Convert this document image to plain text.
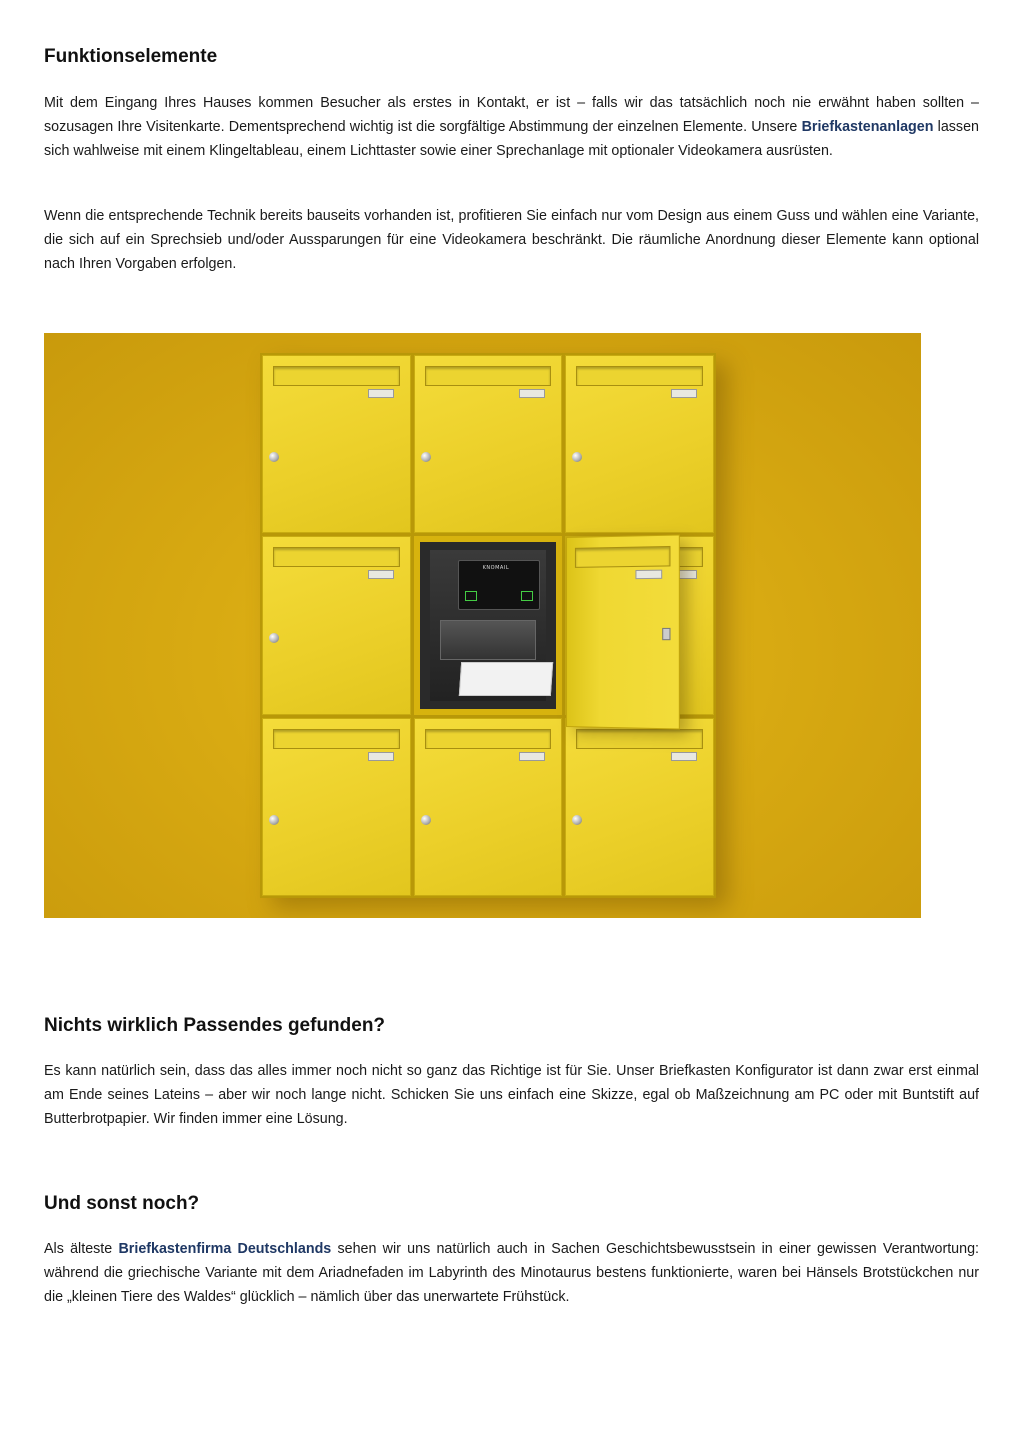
Funktionselemente

Mit dem Eingang Ihres Hauses kommen Besucher als erstes in Kontakt, er ist – falls wir das tatsächlich noch nie erwähnt haben sollten – sozusagen Ihre Visitenkarte. Dementsprechend wichtig ist die sorgfältige Abstimmung der einzelnen Elemente. Unsere Briefkastenanlagen lassen sich wahlweise mit einem Klingeltableau, einem Lichttaster sowie einer Sprechanlage mit optionaler Videokamera ausrüsten.

Wenn die entsprechende Technik bereits bauseits vorhanden ist, profitieren Sie einfach nur vom Design aus einem Guss und wählen eine Variante, die sich auf ein Sprechsieb und/oder Aussparungen für eine Videokamera beschränkt. Die räumliche Anordnung dieser Elemente kann optional nach Ihren Vorgaben erfolgen.

KNOMAIL
Nichts wirklich Passendes gefunden?

Es kann natürlich sein, dass das alles immer noch nicht so ganz das Richtige ist für Sie. Unser Briefkasten Konfigurator ist dann zwar erst einmal am Ende seines Lateins – aber wir noch lange nicht. Schicken Sie uns einfach eine Skizze, egal ob Maßzeichnung am PC oder mit Buntstift auf Butterbrotpapier. Wir finden immer eine Lösung.

Und sonst noch?

Als älteste Briefkastenfirma Deutschlands sehen wir uns natürlich auch in Sachen Geschichtsbewusstsein in einer gewissen Verantwortung: während die griechische Variante mit dem Ariadnefaden im Labyrinth des Minotaurus bestens funktionierte, waren bei Hänsels Brotstückchen nur die „kleinen Tiere des Waldes“ glücklich – nämlich über das unerwartete Frühstück.
